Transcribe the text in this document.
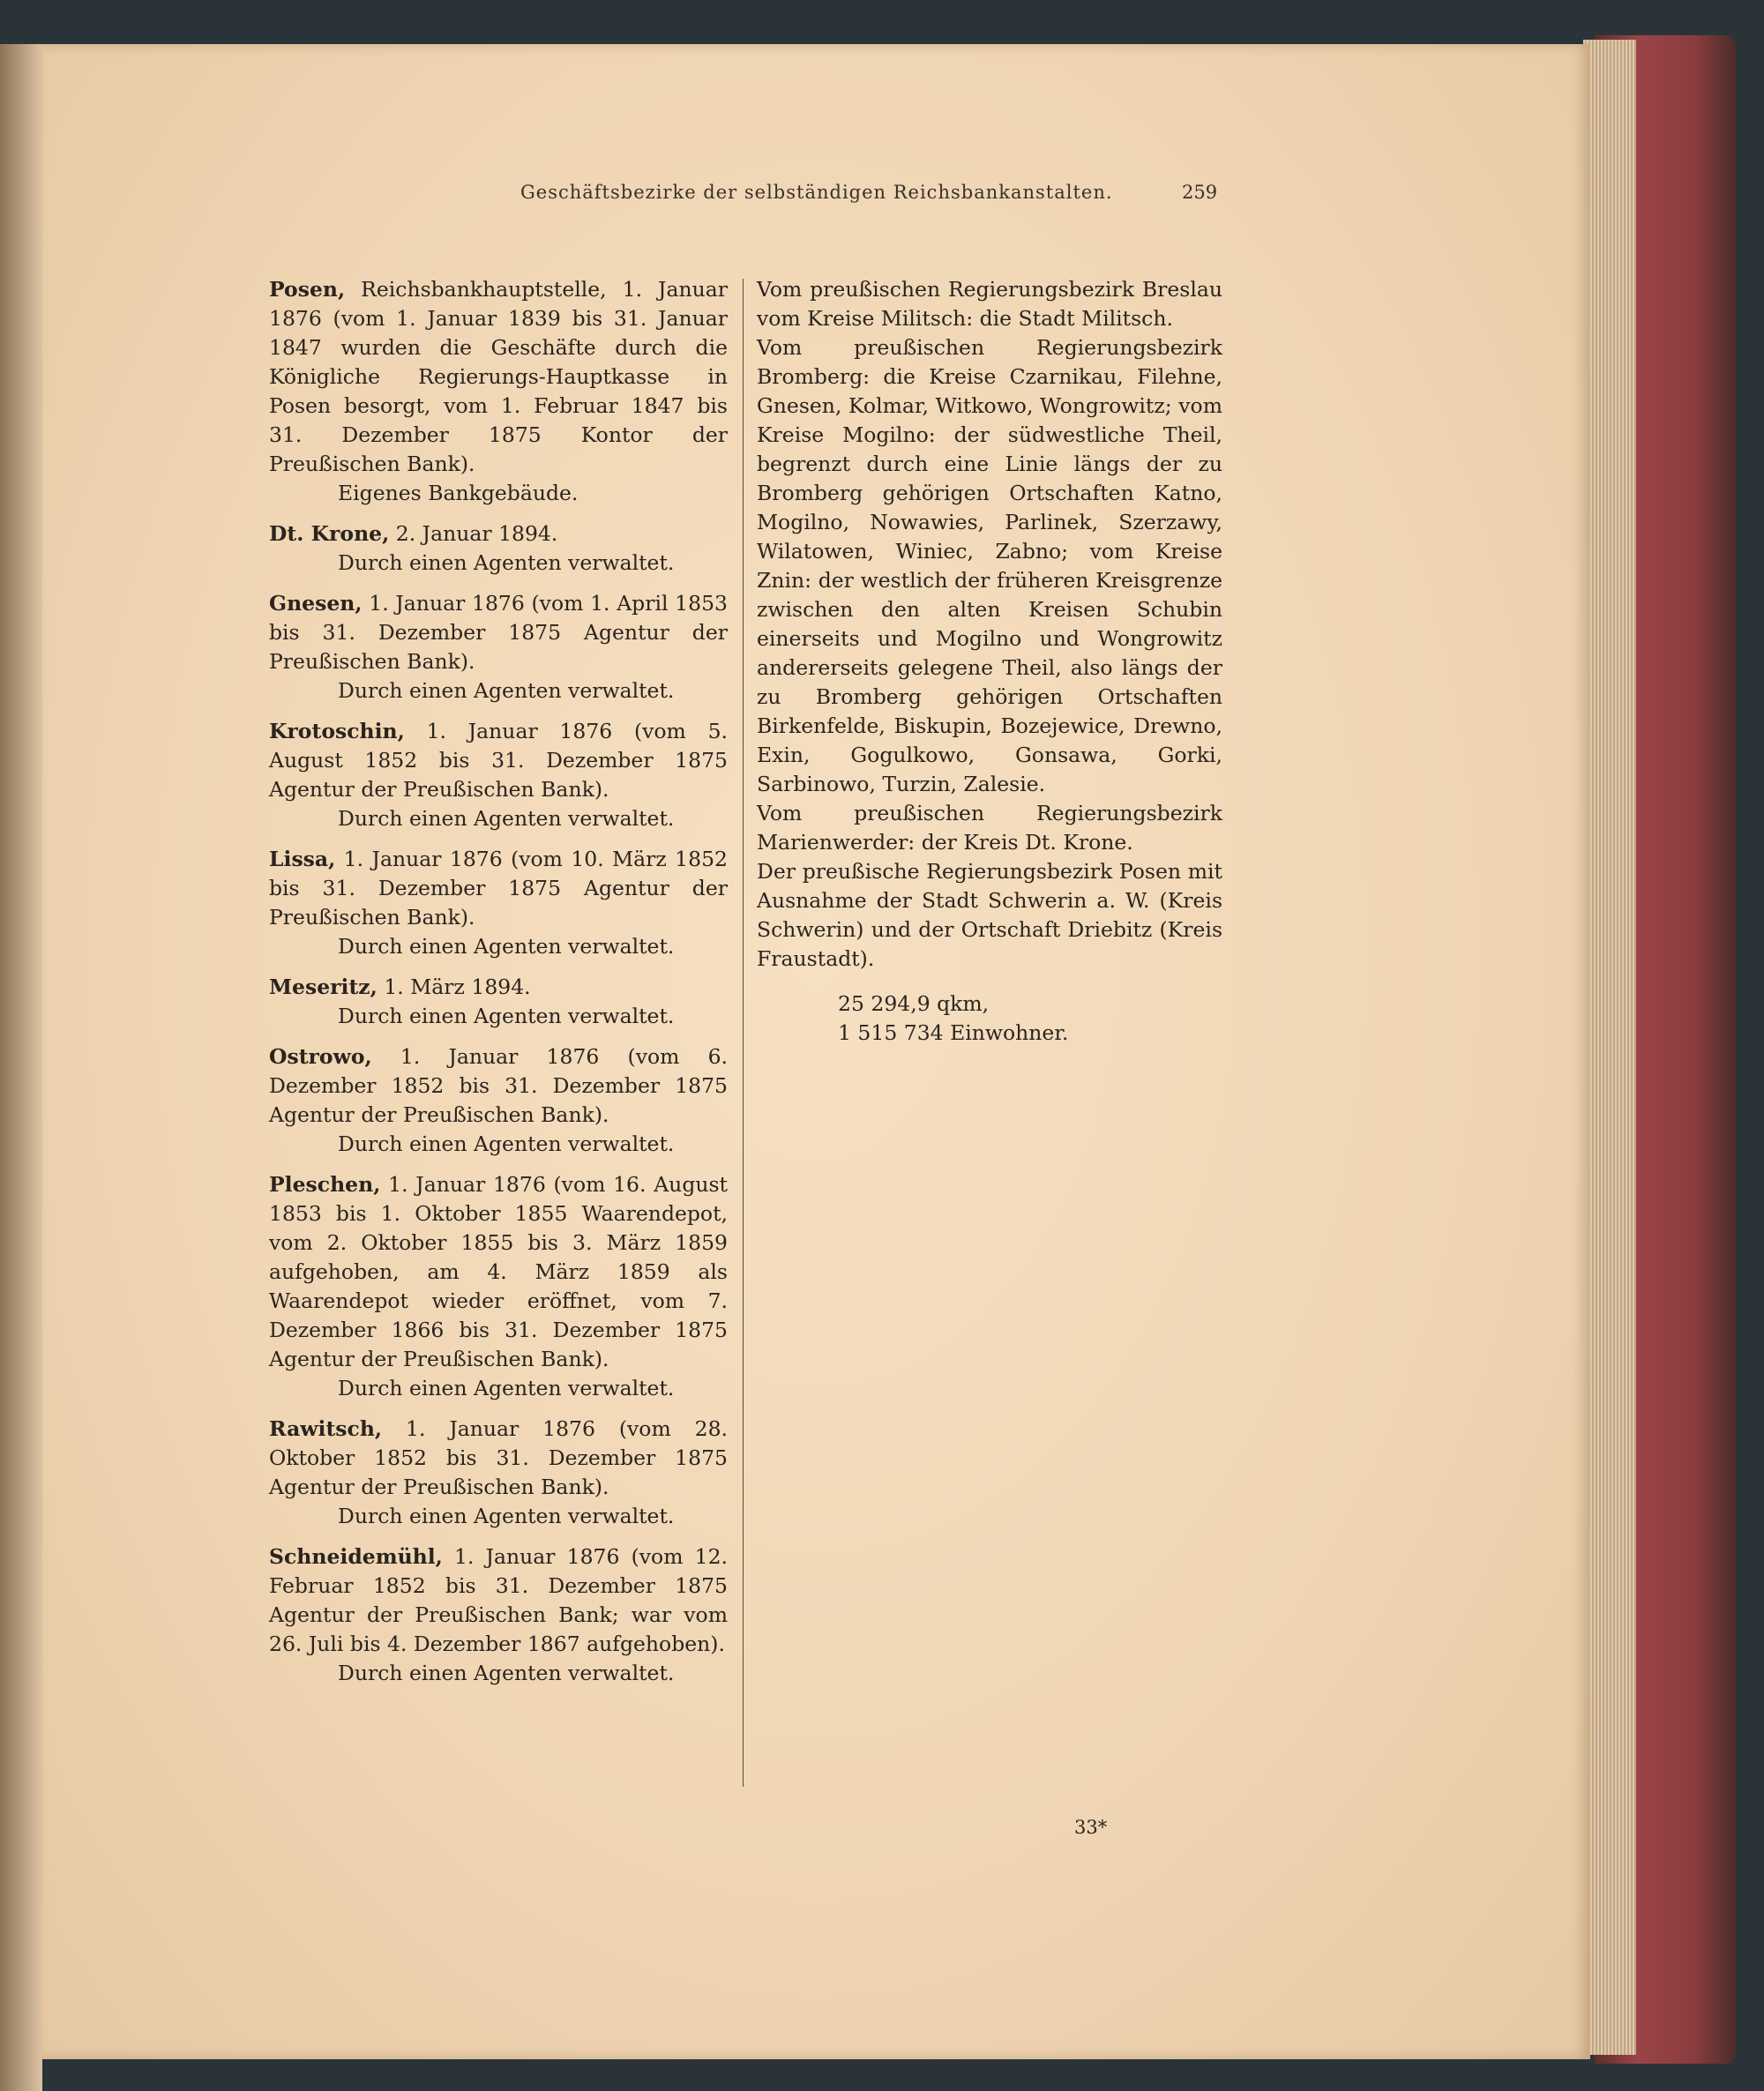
Geschäftsbezirke der selbständigen Reichsbankanstalten.	259

Posen, Reichsbankhauptstelle, 1. Januar 1876 (vom 1. Januar 1839 bis 31. Januar 1847 wurden die Geschäfte durch die Königliche Regierungs-Hauptkasse in Posen besorgt, vom 1. Februar 1847 bis 31. Dezember 1875 Kontor der Preußischen Bank).

Eigenes Bankgebäude.

Dt. Krone, 2. Januar 1894.

Durch einen Agenten verwaltet.

Gnesen, 1. Januar 1876 (vom 1. April 1853 bis 31. Dezember 1875 Agentur der Preußischen Bank).

Durch einen Agenten verwaltet.

Krotoschin, 1. Januar 1876 (vom 5. August 1852 bis 31. Dezember 1875 Agentur der Preußischen Bank).

Durch einen Agenten verwaltet.

Lissa, 1. Januar 1876 (vom 10. März 1852 bis 31. Dezember 1875 Agentur der Preußischen Bank).

Durch einen Agenten verwaltet.

Meseritz, 1. März 1894.

Durch einen Agenten verwaltet.

Ostrowo, 1. Januar 1876 (vom 6. Dezember 1852 bis 31. Dezember 1875 Agentur der Preußischen Bank).

Durch einen Agenten verwaltet.

Pleschen, 1. Januar 1876 (vom 16. August 1853 bis 1. Oktober 1855 Waarendepot, vom 2. Oktober 1855 bis 3. März 1859 aufgehoben, am 4. März 1859 als Waarendepot wieder eröffnet, vom 7. Dezember 1866 bis 31. Dezember 1875 Agentur der Preußischen Bank).

Durch einen Agenten verwaltet.

Rawitsch, 1. Januar 1876 (vom 28. Oktober 1852 bis 31. Dezember 1875 Agentur der Preußischen Bank).

Durch einen Agenten verwaltet.

Schneidemühl, 1. Januar 1876 (vom 12. Februar 1852 bis 31. Dezember 1875 Agentur der Preußischen Bank; war vom 26. Juli bis 4. Dezember 1867 aufgehoben).

Durch einen Agenten verwaltet.

Vom preußischen Regierungsbezirk Breslau vom Kreise Militsch: die Stadt Militsch.

Vom preußischen Regierungsbezirk Bromberg: die Kreise Czarnikau, Filehne, Gnesen, Kolmar, Witkowo, Wongrowitz; vom Kreise Mogilno: der südwestliche Theil, begrenzt durch eine Linie längs der zu Bromberg gehörigen Ortschaften Katno, Mogilno, Nowawies, Parlinek, Szerzawy, Wilatowen, Winiec, Zabno; vom Kreise Znin: der westlich der früheren Kreisgrenze zwischen den alten Kreisen Schubin einerseits und Mogilno und Wongrowitz andererseits gelegene Theil, also längs der zu Bromberg gehörigen Ortschaften Birkenfelde, Biskupin, Bozejewice, Drewno, Exin, Gogulkowo, Gonsawa, Gorki, Sarbinowo, Turzin, Zalesie.

Vom preußischen Regierungsbezirk Marienwerder: der Kreis Dt. Krone.

Der preußische Regierungsbezirk Posen mit Ausnahme der Stadt Schwerin a. W. (Kreis Schwerin) und der Ortschaft Driebitz (Kreis Fraustadt).

25 294,9 qkm,
1 515 734 Einwohner.
33*
